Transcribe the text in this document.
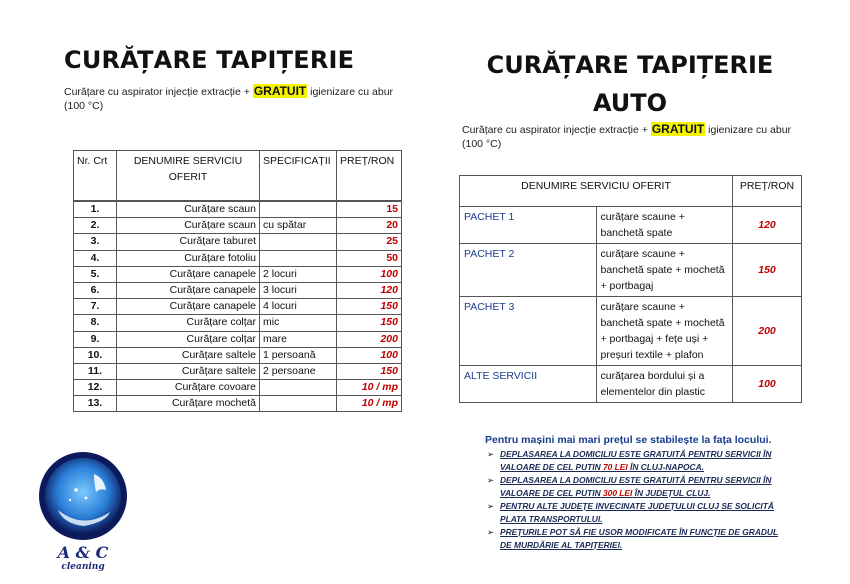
CURĂȚARE TAPIȚERIE
Curățare cu aspirator injecție extracție + GRATUIT igienizare cu abur (100 °C)
Nr. Crt	DENUMIRE SERVICIU OFERIT	SPECIFICAȚII	PREȚ/RON

1.	Curățare scaun		15
2.	Curățare scaun	cu spătar	20
3.	Curățare taburet		25
4.	Curățare fotoliu		50
5.	Curățare canapele	2 locuri	100
6.	Curățare canapele	3 locuri	120
7.	Curățare canapele	4 locuri	150
8.	Curățare colțar	mic	150
9.	Curățare colțar	mare	200
10.	Curățare saltele	1 persoană	100
11.	Curățare saltele	2 persoane	150
12.	Curățare covoare		10 / mp
13.	Curățare mochetă		10 / mp
CURĂȚARE TAPIȚERIE
AUTO
Curățare cu aspirator injecție extracție + GRATUIT igienizare cu abur (100 °C)
DENUMIRE SERVICIU OFERIT		PREȚ/RON
PACHET 1	curățare scaune + banchetă spate	120
PACHET 2	curățare scaune + banchetă spate + mochetă + portbagaj	150
PACHET 3	curățare scaune + banchetă spate + mochetă + portbagaj + fețe uși + preșuri textile + plafon	200
ALTE SERVICII	curățarea bordului și a elementelor din plastic	100

Pentru mașini mai mari prețul se stabilește la fața locului.

➢ DEPLASAREA LA DOMICILIU ESTE GRATUITĂ PENTRU SERVICII ÎN VALOARE DE CEL PUTIN 70 LEI ÎN CLUJ-NAPOCA.
➢ DEPLASAREA LA DOMICILIU ESTE GRATUITĂ PENTRU SERVICII ÎN VALOARE DE CEL PUTIN 300 LEI ÎN JUDEȚUL CLUJ.
➢ PENTRU ALTE JUDEȚE INVECINATE JUDEȚULUI CLUJ SE SOLICITĂ PLATA TRANSPORTULUI.
➢ PREȚURILE POT SĂ FIE USOR MODIFICATE ÎN FUNCȚIE DE GRADUL DE MURDĂRIE AL TAPIȚERIEI.
A & C
cleaning
